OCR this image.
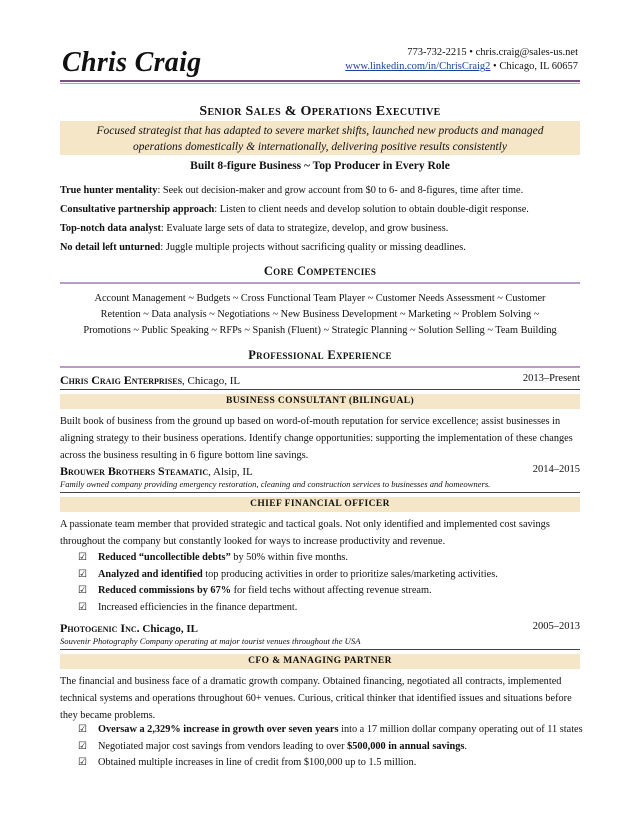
Chris Craig	773-732-2215 • chris.craig@sales-us.net
www.linkedin.com/in/ChrisCraig2 • Chicago, IL 60657
Senior Sales & Operations Executive
Focused strategist that has adapted to severe market shifts, launched new products and managed
operations domestically & internationally, delivering positive results consistently
Built 8-figure Business ~ Top Producer in Every Role
True hunter mentality: Seek out decision-maker and grow account from $0 to 6- and 8-figures, time after time.
Consultative partnership approach: Listen to client needs and develop solution to obtain double-digit response.
Top-notch data analyst: Evaluate large sets of data to strategize, develop, and grow business.
No detail left unturned: Juggle multiple projects without sacrificing quality or missing deadlines.
Core Competencies
Account Management ~ Budgets ~ Cross Functional Team Player ~ Customer Needs Assessment ~ Customer
Retention ~ Data analysis ~ Negotiations ~ New Business Development ~ Marketing ~ Problem Solving ~
Promotions ~ Public Speaking ~ RFPs ~ Spanish (Fluent) ~ Strategic Planning ~ Solution Selling ~ Team Building
Professional Experience
Chris Craig Enterprises, Chicago, IL	2013–Present
BUSINESS CONSULTANT (BILINGUAL)
Built book of business from the ground up based on word-of-mouth reputation for service excellence; assist businesses in aligning strategy to their business operations. Identify change opportunities: supporting the implementation of these changes across the business resulting in 6 figure bottom line savings.
Brouwer Brothers Steamatic, Alsip, IL	2014–2015
Family owned company providing emergency restoration, cleaning and construction services to businesses and homeowners.
CHIEF FINANCIAL OFFICER
A passionate team member that provided strategic and tactical goals. Not only identified and implemented cost savings throughout the company but constantly looked for ways to increase productivity and revenue.
☑ Reduced “uncollectible debts” by 50% within five months.
☑ Analyzed and identified top producing activities in order to prioritize sales/marketing activities.
☑ Reduced commissions by 67% for field techs without affecting revenue stream.
☑ Increased efficiencies in the finance department.
Photogenic Inc. Chicago, IL	2005–2013
Souvenir Photography Company operating at major tourist venues throughout the USA
CFO & MANAGING PARTNER
The financial and business face of a dramatic growth company. Obtained financing, negotiated all contracts, implemented technical systems and operations throughout 60+ venues. Curious, critical thinker that identified issues and situations before they became problems.
☑ Oversaw a 2,329% increase in growth over seven years into a 17 million dollar company operating out of 11 states
☑ Negotiated major cost savings from vendors leading to over $500,000 in annual savings.
☑ Obtained multiple increases in line of credit from $100,000 up to 1.5 million.
